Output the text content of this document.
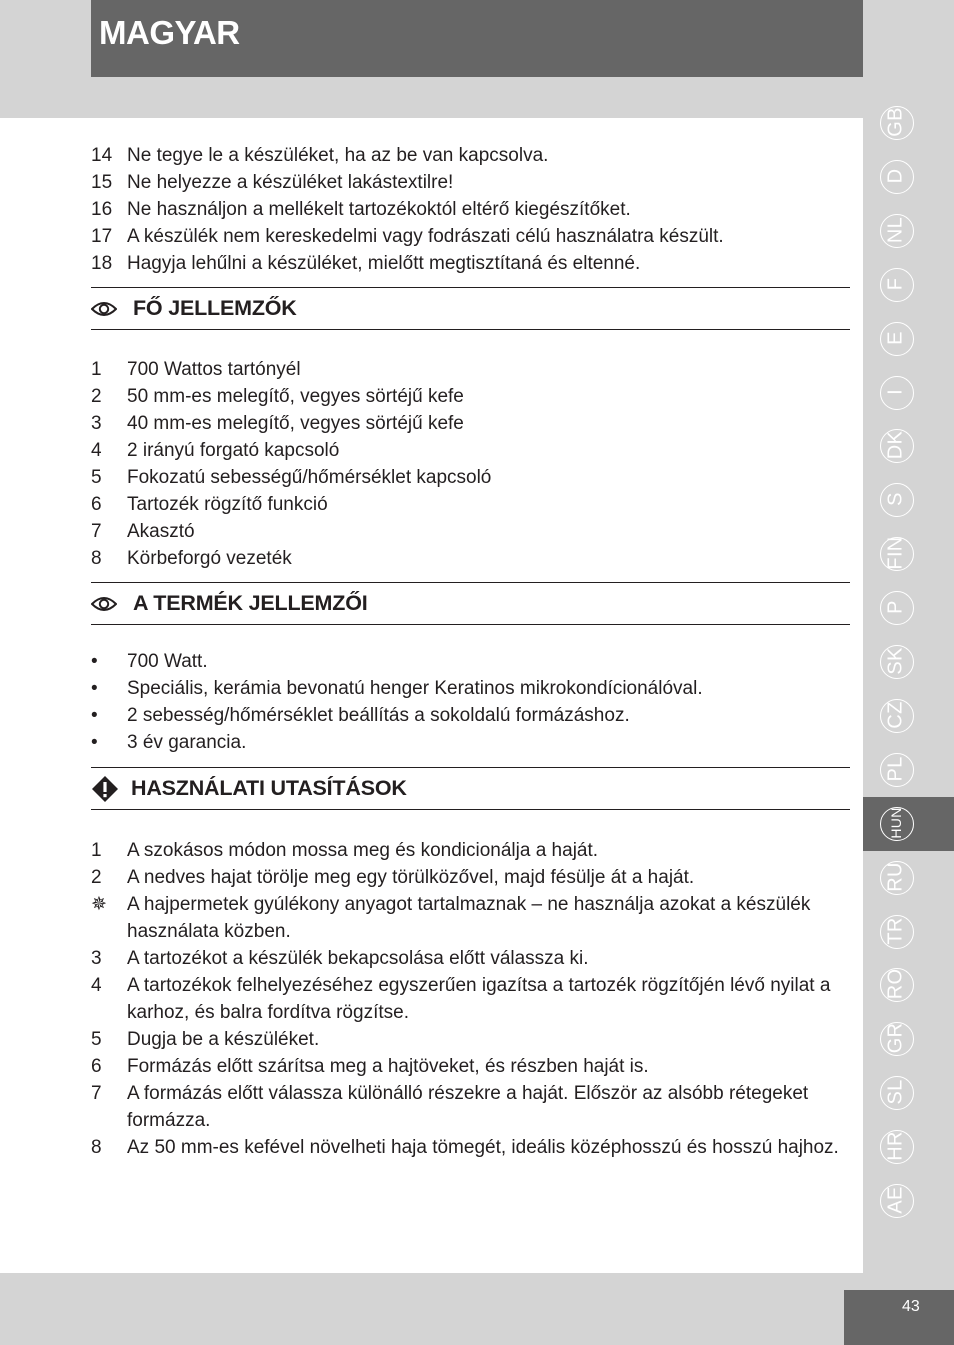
MAGYAR
14 Ne tegye le a készüléket, ha az be van kapcsolva.
15 Ne helyezze a készüléket lakástextilre!
16 Ne használjon a mellékelt tartozékoktól eltérő kiegészítőket.
17 A készülék nem kereskedelmi vagy fodrászati célú használatra készült.
18 Hagyja lehűlni a készüléket, mielőtt megtisztítaná és eltenné.
FŐ JELLEMZŐK
1	700 Wattos tartónyél
2	50 mm-es melegítő, vegyes sörtéjű kefe
3	40 mm-es melegítő, vegyes sörtéjű kefe
4	2 irányú forgató kapcsoló
5	Fokozatú sebességű/hőmérséklet kapcsoló
6	Tartozék rögzítő funkció
7	Akasztó
8	Körbeforgó vezeték
A TERMÉK JELLEMZŐI
•	700 Watt.
•	Speciális, kerámia bevonatú henger Keratinos mikrokondícionálóval.
•	2 sebesség/hőmérséklet beállítás a sokoldalú formázáshoz.
•	3 év garancia.
HASZNÁLATI UTASÍTÁSOK
1	A szokásos módon mossa meg és kondicionálja a haját.
2	A nedves hajat törölje meg egy törülközővel, majd fésülje át a haját.
✵	A hajpermetek gyúlékony anyagot tartalmaznak – ne használja azokat a készülék használata közben.
3	A tartozékot a készülék bekapcsolása előtt válassza ki.
4	A tartozékok felhelyezéséhez egyszerűen igazítsa a tartozék rögzítőjén lévő nyilat a karhoz, és balra fordítva rögzítse.
5	Dugja be a készüléket.
6	Formázás előtt szárítsa meg a hajtöveket, és részben haját is.
7	A formázás előtt válassza különálló részekre a haját. Először az alsóbb rétegeket formázza.
8	Az 50 mm-es kefével növelheti haja tömegét, ideális középhosszú és hosszú hajhoz.
GB
D
NL
F
E
I
DK
S
FIN
P
SK
CZ
PL
HUN
RU
TR
RO
GR
SL
HR
AE
43
